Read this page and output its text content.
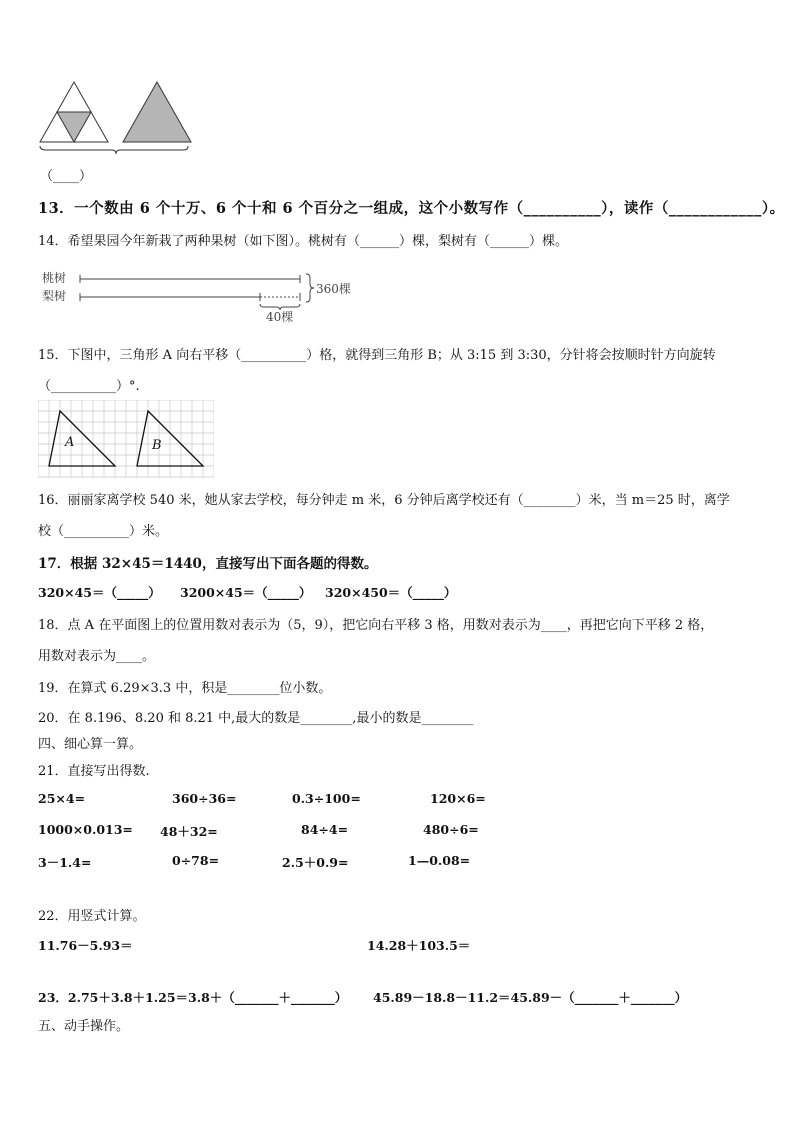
（____）
13．一个数由 6 个十万、6 个十和 6 个百分之一组成，这个小数写作（__________），读作（____________）。
14．希望果园今年新栽了两种果树（如下图）。桃树有（______）棵，梨树有（______）棵。
桃树
梨树	360棵
40棵
15．下图中，三角形 A 向右平移（__________）格，就得到三角形 B；从 3:15 到 3:30，分针将会按顺时针方向旋转
（__________）°.
A	B
16．丽丽家离学校 540 米，她从家去学校，每分钟走 m 米，6 分钟后离学校还有（________）米，当 m＝25 时，离学
校（__________）米。
17．根据 32×45＝1440，直接写出下面各题的得数。
320×45＝（_____） 3200×45＝（_____） 320×450＝（_____）
18．点 A 在平面图上的位置用数对表示为（5，9），把它向右平移 3 格，用数对表示为____，再把它向下平移 2 格，
用数对表示为____。
19．在算式 6.29×3.3 中，积是________位小数。
20．在 8.196、8.20 和 8.21 中,最大的数是________,最小的数是________
四、细心算一算。
21．直接写出得数.
25×4=	360÷36=	0.3÷100=	120×6=
1000×0.013= 48＋32=	84÷4=	480÷6=
3－1.4=	0÷78=	2.5＋0.9=	1—0.08=
22．用竖式计算。
11.76－5.93＝	14.28＋103.5＝
23．2.75＋3.8＋1.25＝3.8＋（_______＋_______） 45.89－18.8－11.2＝45.89－（_______＋_______）
五、动手操作。
